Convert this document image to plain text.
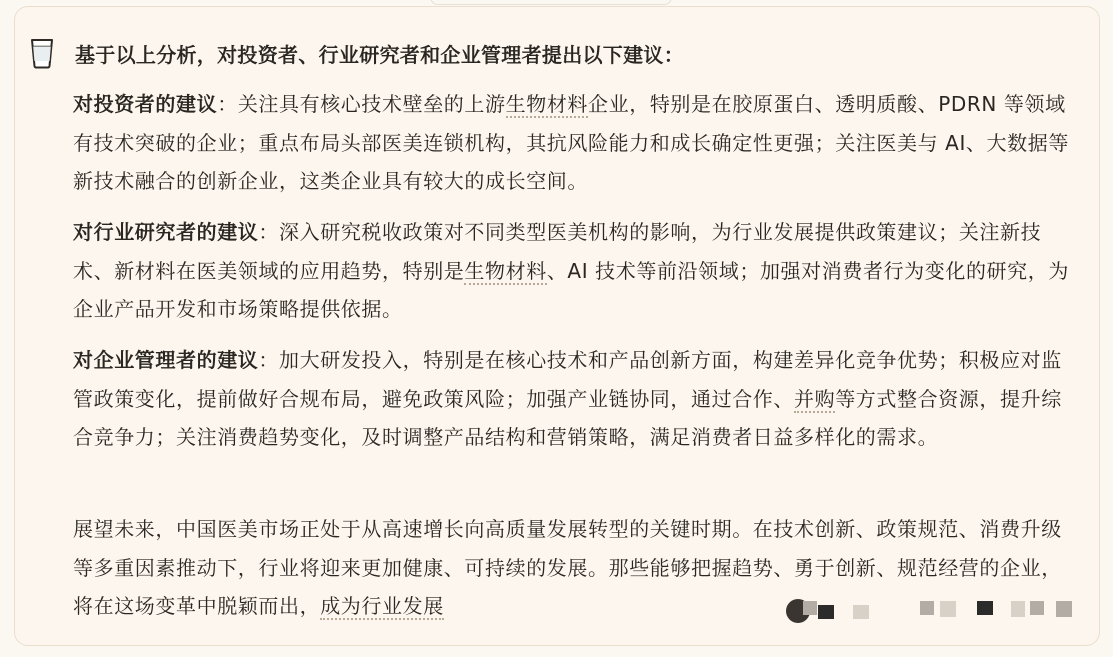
基于以上分析，对投资者、行业研究者和企业管理者提出以下建议：
对投资者的建议：关注具有核心技术壁垒的上游生物材料企业，特别是在胶原蛋白、透明质酸、PDRN 等领域有技术突破的企业；重点布局头部医美连锁机构，其抗风险能力和成长确定性更强；关注医美与 AI、大数据等新技术融合的创新企业，这类企业具有较大的成长空间。
对行业研究者的建议：深入研究税收政策对不同类型医美机构的影响，为行业发展提供政策建议；关注新技术、新材料在医美领域的应用趋势，特别是生物材料、AI 技术等前沿领域；加强对消费者行为变化的研究，为企业产品开发和市场策略提供依据。
对企业管理者的建议：加大研发投入，特别是在核心技术和产品创新方面，构建差异化竞争优势；积极应对监管政策变化，提前做好合规布局，避免政策风险；加强产业链协同，通过合作、并购等方式整合资源，提升综合竞争力；关注消费趋势变化，及时调整产品结构和营销策略，满足消费者日益多样化的需求。
展望未来，中国医美市场正处于从高速增长向高质量发展转型的关键时期。在技术创新、政策规范、消费升级等多重因素推动下，行业将迎来更加健康、可持续的发展。那些能够把握趋势、勇于创新、规范经营的企业，将在这场变革中脱颖而出，成为行业发展
